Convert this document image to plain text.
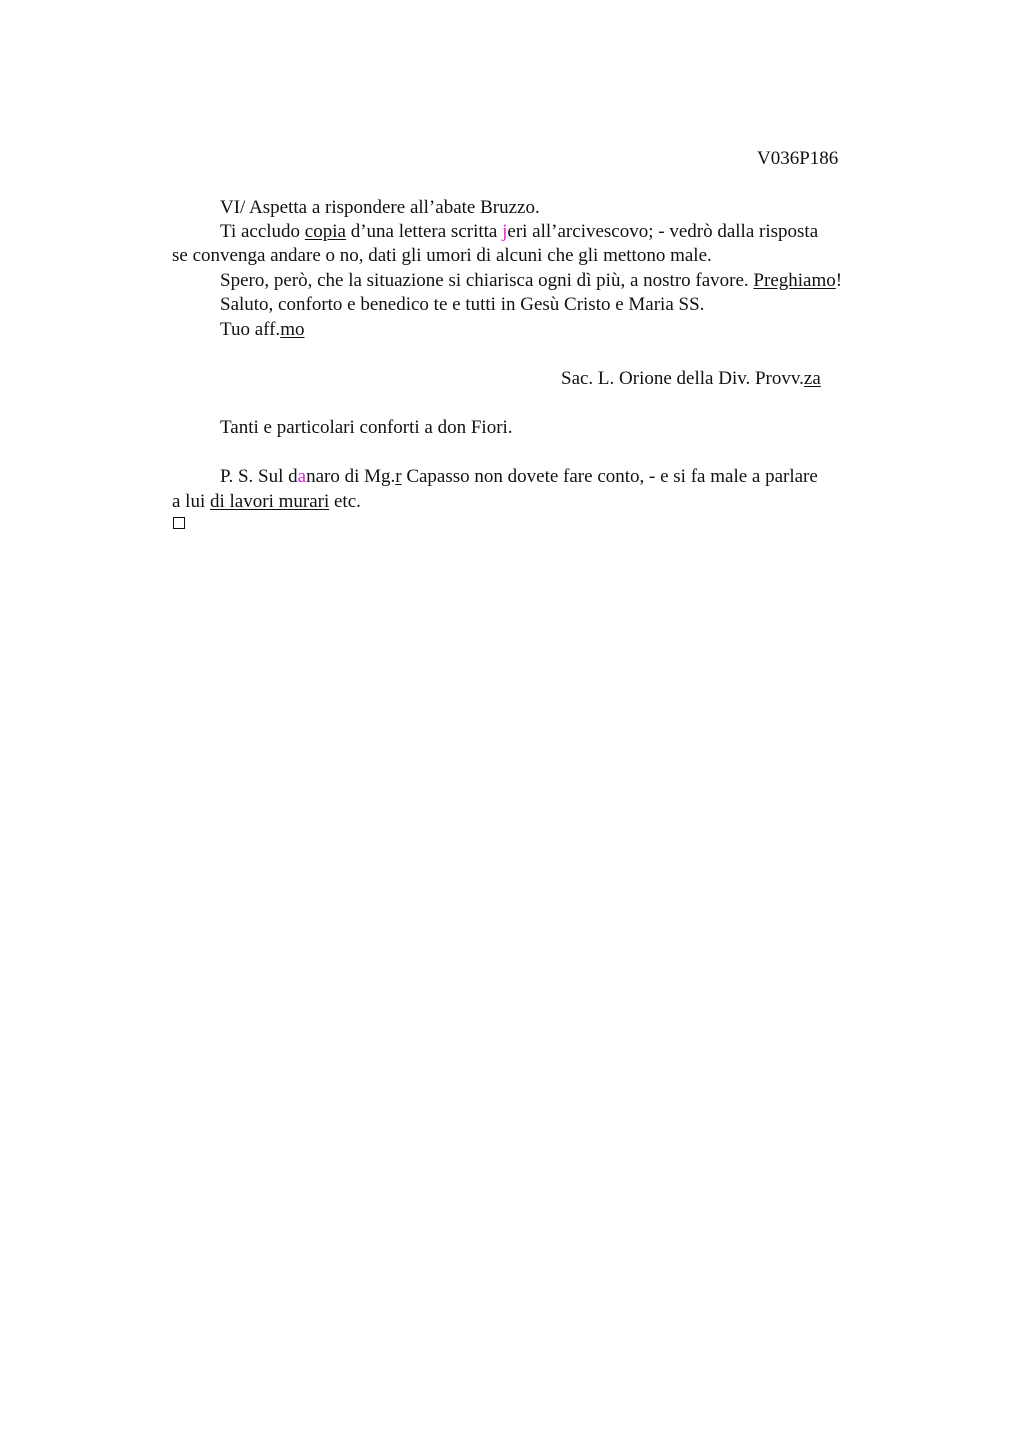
V036P186
VI/ Aspetta a rispondere all’abate Bruzzo.
Ti accludo copia d’una lettera scritta jeri all’arcivescovo; - vedrò dalla risposta
se convenga andare o no, dati gli umori di alcuni che gli mettono male.
Spero, però, che la situazione si chiarisca ogni dì più, a nostro favore. Preghiamo!
Saluto, conforto e benedico te e tutti in Gesù Cristo e Maria SS.
Tuo aff.mo
Sac. L. Orione della Div. Provv.za
Tanti e particolari conforti a don Fiori.
P. S. Sul danaro di Mg.r Capasso non dovete fare conto, - e si fa male a parlare
a lui di lavori murari etc.
